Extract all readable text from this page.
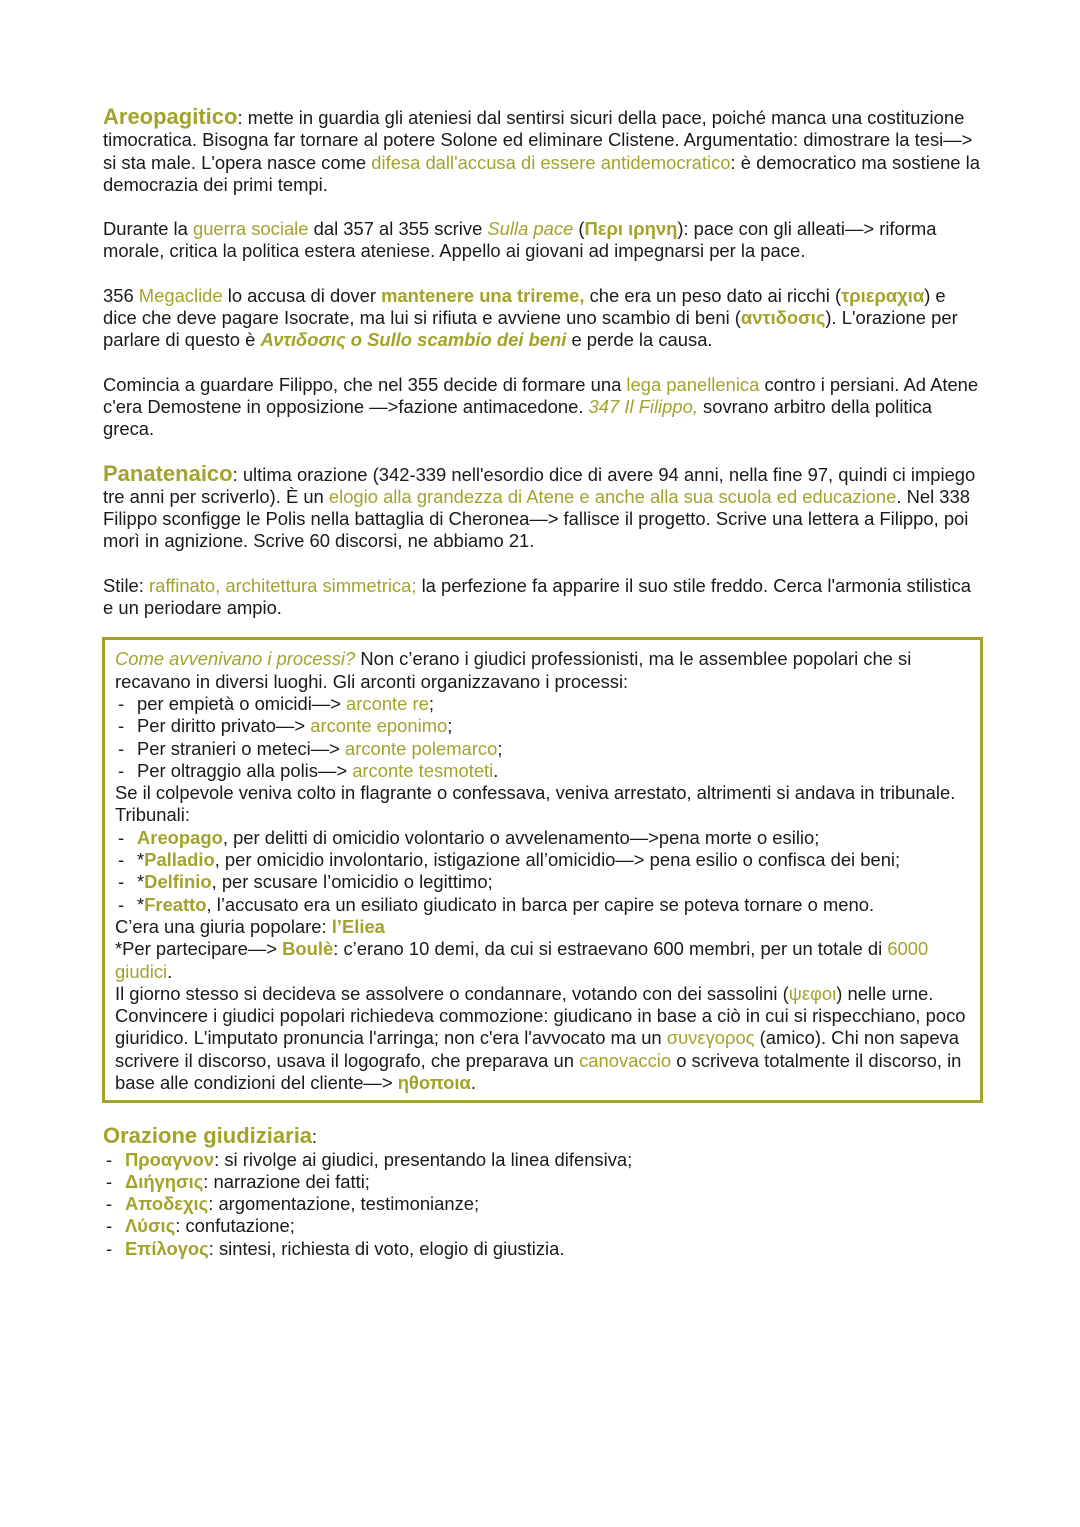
Areopagitico: mette in guardia gli ateniesi dal sentirsi sicuri della pace, poiché manca una costituzione timocratica. Bisogna far tornare al potere Solone ed eliminare Clistene. Argumentatio: dimostrare la tesi—> si sta male. L'opera nasce come difesa dall'accusa di essere antidemocratico: è democratico ma sostiene la democrazia dei primi tempi.

Durante la guerra sociale dal 357 al 355 scrive Sulla pace (Περι ιρηνη): pace con gli alleati—> riforma morale, critica la politica estera ateniese. Appello ai giovani ad impegnarsi per la pace.

356 Megaclide lo accusa di dover mantenere una trireme, che era un peso dato ai ricchi (τριεραχια) e dice che deve pagare Isocrate, ma lui si rifiuta e avviene uno scambio di beni (αντιδοσις). L'orazione per parlare di questo è Αντιδοσις o Sullo scambio dei beni e perde la causa.

Comincia a guardare Filippo, che nel 355 decide di formare una lega panellenica contro i persiani. Ad Atene c'era Demostene in opposizione —>fazione antimacedone. 347 Il Filippo, sovrano arbitro della politica greca.

Panatenaico: ultima orazione (342-339 nell'esordio dice di avere 94 anni, nella fine 97, quindi ci impiego tre anni per scriverlo). È un elogio alla grandezza di Atene e anche alla sua scuola ed educazione. Nel 338 Filippo sconfigge le Polis nella battaglia di Cheronea—> fallisce il progetto. Scrive una lettera a Filippo, poi morì in agnizione. Scrive 60 discorsi, ne abbiamo 21.

Stile: raffinato, architettura simmetrica; la perfezione fa apparire il suo stile freddo. Cerca l'armonia stilistica e un periodare ampio.

Come avvenivano i processi? Non c’erano i giudici professionisti, ma le assemblee popolari che si recavano in diversi luoghi. Gli arconti organizzavano i processi:

- per empietà o omicidi—> arconte re;
- Per diritto privato—> arconte eponimo;
- Per stranieri o meteci—> arconte polemarco;
- Per oltraggio alla polis—> arconte tesmoteti.

Se il colpevole veniva colto in flagrante o confessava, veniva arrestato, altrimenti si andava in tribunale.

Tribunali:

- Areopago, per delitti di omicidio volontario o avvelenamento—>pena morte o esilio;
- *Palladio, per omicidio involontario, istigazione all’omicidio—> pena esilio o confisca dei beni;
- *Delfinio, per scusare l’omicidio o legittimo;
- *Freatto, l’accusato era un esiliato giudicato in barca per capire se poteva tornare o meno.

C’era una giuria popolare: l’Eliea

*Per partecipare—> Boulè: c’erano 10 demi, da cui si estraevano 600 membri, per un totale di 6000 giudici.

Il giorno stesso si decideva se assolvere o condannare, votando con dei sassolini (ψεφοι) nelle urne.

Convincere i giudici popolari richiedeva commozione: giudicano in base a ciò in cui si rispecchiano, poco giuridico. L'imputato pronuncia l'arringa; non c'era l'avvocato ma un συνεγορος (amico). Chi non sapeva scrivere il discorso, usava il logografo, che preparava un canovaccio o scriveva totalmente il discorso, in base alle condizioni del cliente—> ηθοποια.

Orazione giudiziaria:

- Προαγνον: si rivolge ai giudici, presentando la linea difensiva;
- Διήγησις: narrazione dei fatti;
- Αποδεχις: argomentazione, testimonianze;
- Λύσις: confutazione;
- Επίλογος: sintesi, richiesta di voto, elogio di giustizia.
